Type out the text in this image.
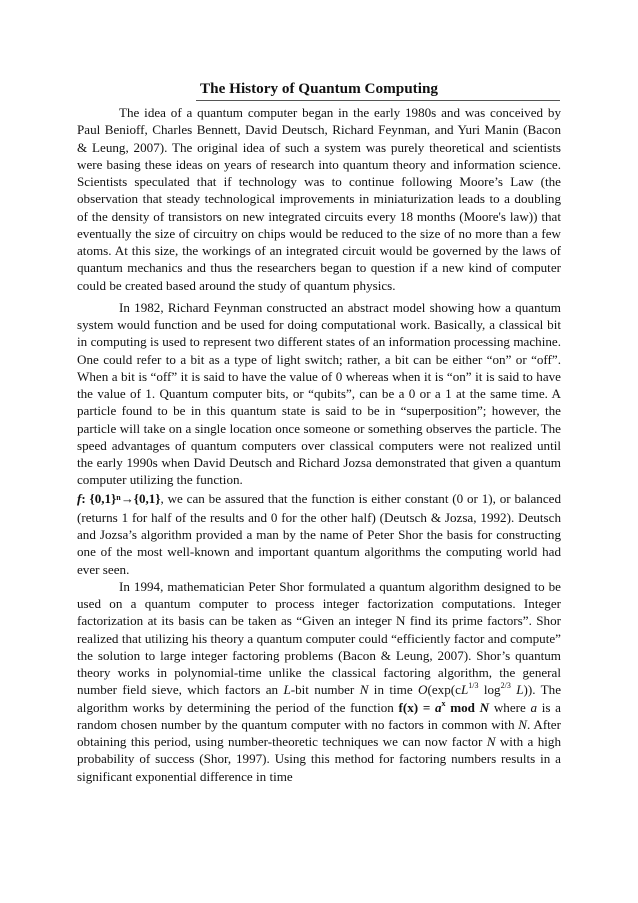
The History of Quantum Computing

The idea of a quantum computer began in the early 1980s and was conceived by Paul Benioff, Charles Bennett, David Deutsch, Richard Feynman, and Yuri Manin (Bacon & Leung, 2007). The original idea of such a system was purely theoretical and scientists were basing these ideas on years of research into quantum theory and information science. Scientists speculated that if technology was to continue following Moore’s Law (the observation that steady technological improvements in miniaturization leads to a doubling of the density of transistors on new integrated circuits every 18 months (Moore's law)) that eventually the size of circuitry on chips would be reduced to the size of no more than a few atoms. At this size, the workings of an integrated circuit would be governed by the laws of quantum mechanics and thus the researchers began to question if a new kind of computer could be created based around the study of quantum physics.

In 1982, Richard Feynman constructed an abstract model showing how a quantum system would function and be used for doing computational work. Basically, a classical bit in computing is used to represent two different states of an information processing machine. One could refer to a bit as a type of light switch; rather, a bit can be either “on” or “off”. When a bit is “off” it is said to have the value of 0 whereas when it is “on” it is said to have the value of 1. Quantum computer bits, or “qubits”, can be a 0 or a 1 at the same time. A particle found to be in this quantum state is said to be in “superposition”; however, the particle will take on a single location once someone or something observes the particle. The speed advantages of quantum computers over classical computers were not realized until the early 1990s when David Deutsch and Richard Jozsa demonstrated that given a quantum computer utilizing the function.

f: $\{0,1\}^n\to\{0,1\}$, we can be assured that the function is either constant (0 or 1), or balanced (returns 1 for half of the results and 0 for the other half) (Deutsch & Jozsa, 1992). Deutsch and Jozsa’s algorithm provided a man by the name of Peter Shor the basis for constructing one of the most well-known and important quantum algorithms the computing world had ever seen.

In 1994, mathematician Peter Shor formulated a quantum algorithm designed to be used on a quantum computer to process integer factorization computations. Integer factorization at its basis can be taken as “Given an integer N find its prime factors”. Shor realized that utilizing his theory a quantum computer could “efficiently factor and compute” the solution to large integer factoring problems (Bacon & Leung, 2007). Shor’s quantum theory works in polynomial-time unlike the classical factoring algorithm, the general number field sieve, which factors an L-bit number N in time $O(\exp(cL^{1/3}$ $\log^{2/3} L$)). The algorithm works by determining the period of the function $f(x) = a^x$ mod N where a is a random chosen number by the quantum computer with no factors in common with N. After obtaining this period, using number-theoretic techniques we can now factor N with a high probability of success (Shor, 1997). Using this method for factoring numbers results in a significant exponential difference in time
